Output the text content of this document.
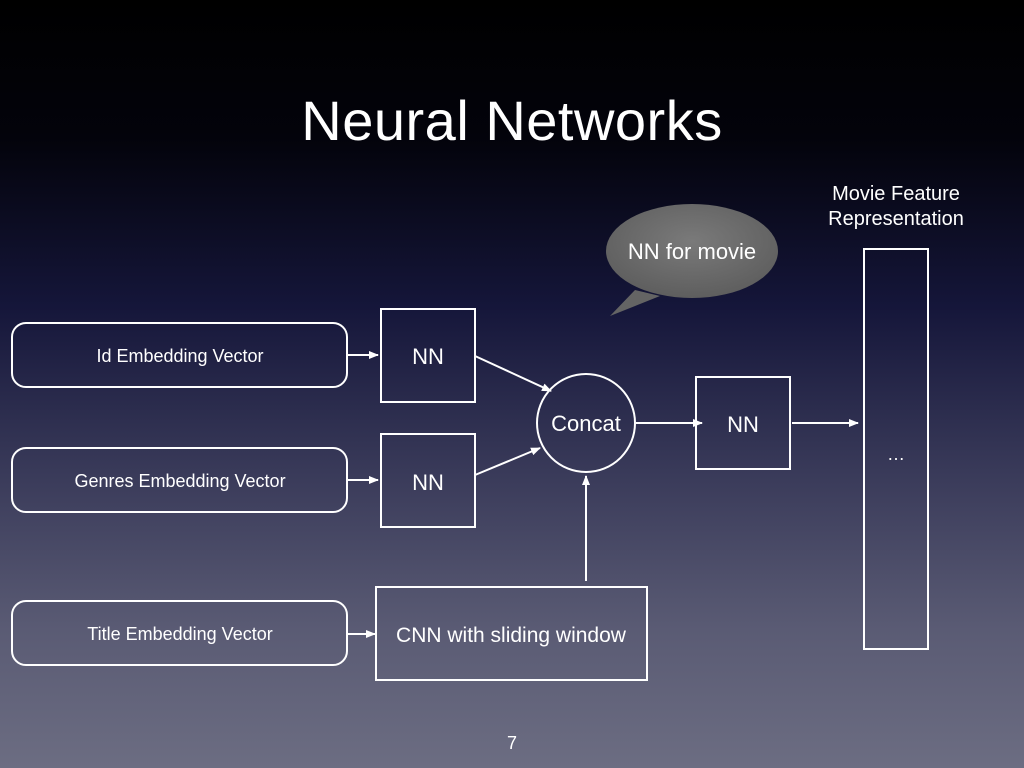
Neural Networks
Id Embedding Vector
Genres Embedding Vector
Title Embedding Vector
NN
NN
CNN with sliding window
Concat	NN
…
Movie Feature
Representation
NN for movie
7
